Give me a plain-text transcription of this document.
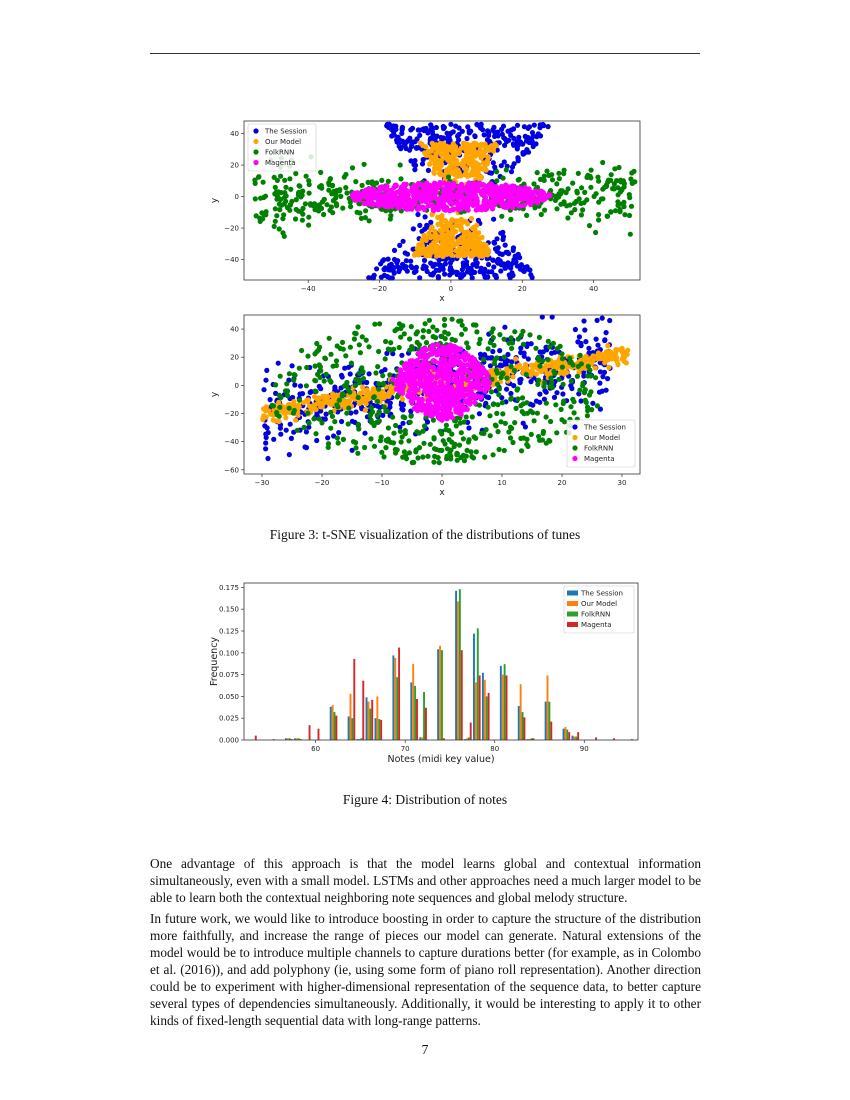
−40	−20	0	20	40
−40
−20
0
20
40
x
y
The Session
Our Model
FolkRNN
Magenta
−30	−20	−10	0	10	20	30
−60
−40
−20
0
20
40
x
y
The Session
Our Model
FolkRNN
Magenta
Figure 3: t-SNE visualization of the distributions of tunes
60	70	80	90
0.000
0.025
0.050
0.075
0.100
0.125
0.150
0.175
Notes (midi key value)
Frequency
The Session
Our Model
FolkRNN
Magenta
Figure 4: Distribution of notes
One advantage of this approach is that the model learns global and contextual information simultaneously, even with a small model. LSTMs and other approaches need a much larger model to be able to learn both the contextual neighboring note sequences and global melody structure.
In future work, we would like to introduce boosting in order to capture the structure of the distribution more faithfully, and increase the range of pieces our model can generate. Natural extensions of the model would be to introduce multiple channels to capture durations better (for example, as in Colombo et al. (2016)), and add polyphony (ie, using some form of piano roll representation). Another direction could be to experiment with higher-dimensional representation of the sequence data, to better capture several types of dependencies simultaneously. Additionally, it would be interesting to apply it to other kinds of fixed-length sequential data with long-range patterns.
7
